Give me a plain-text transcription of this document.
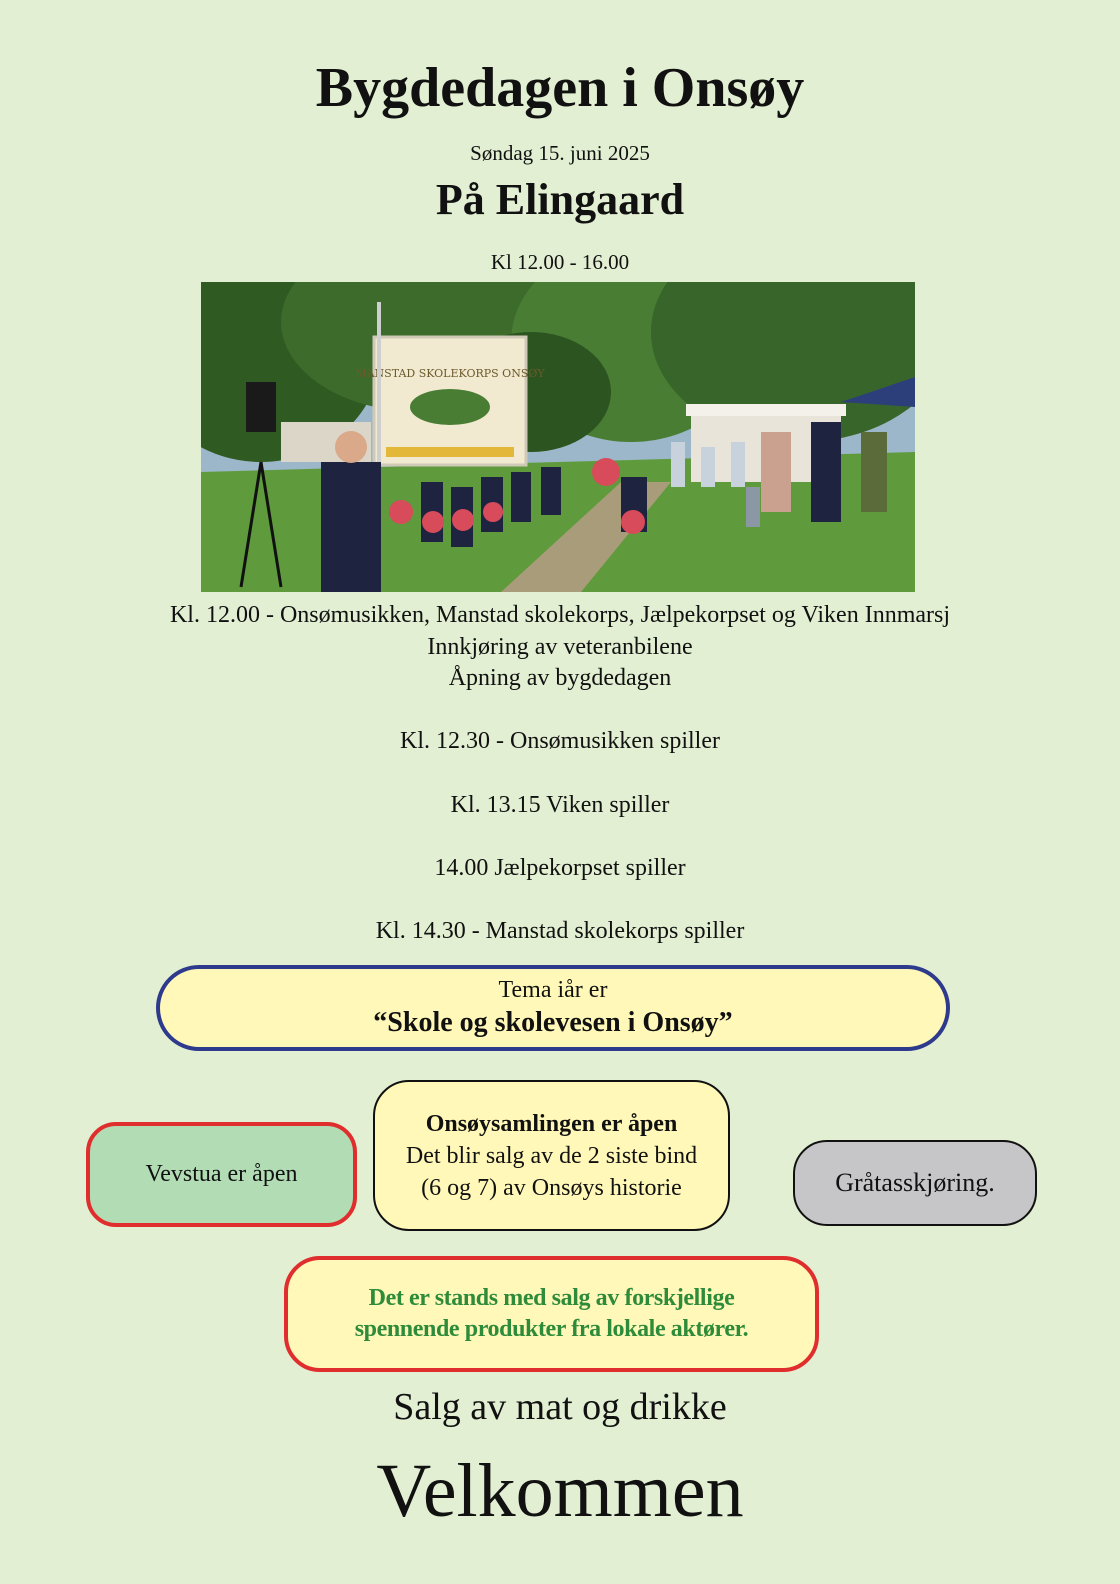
Bygdedagen i Onsøy
Søndag 15. juni 2025
På Elingaard
Kl 12.00 - 16.00
MANSTAD SKOLEKORPS ONSØY
Kl. 12.00 - Onsømusikken, Manstad skolekorps, Jælpekorpset og Viken Innmarsj
Innkjøring av veteranbilene
Åpning av bygdedagen
Kl. 12.30 - Onsømusikken spiller
Kl. 13.15 Viken spiller
14.00 Jælpekorpset spiller
Kl. 14.30 - Manstad skolekorps spiller
Tema iår er
“Skole og skolevesen i Onsøy”
Vevstua er åpen
Onsøysamlingen er åpen
Det blir salg av de 2 siste bind
(6 og 7) av Onsøys historie	Gråtasskjøring.
Det er stands med salg av forskjellige
spennende produkter fra lokale aktører.
Salg av mat og drikke
Velkommen
